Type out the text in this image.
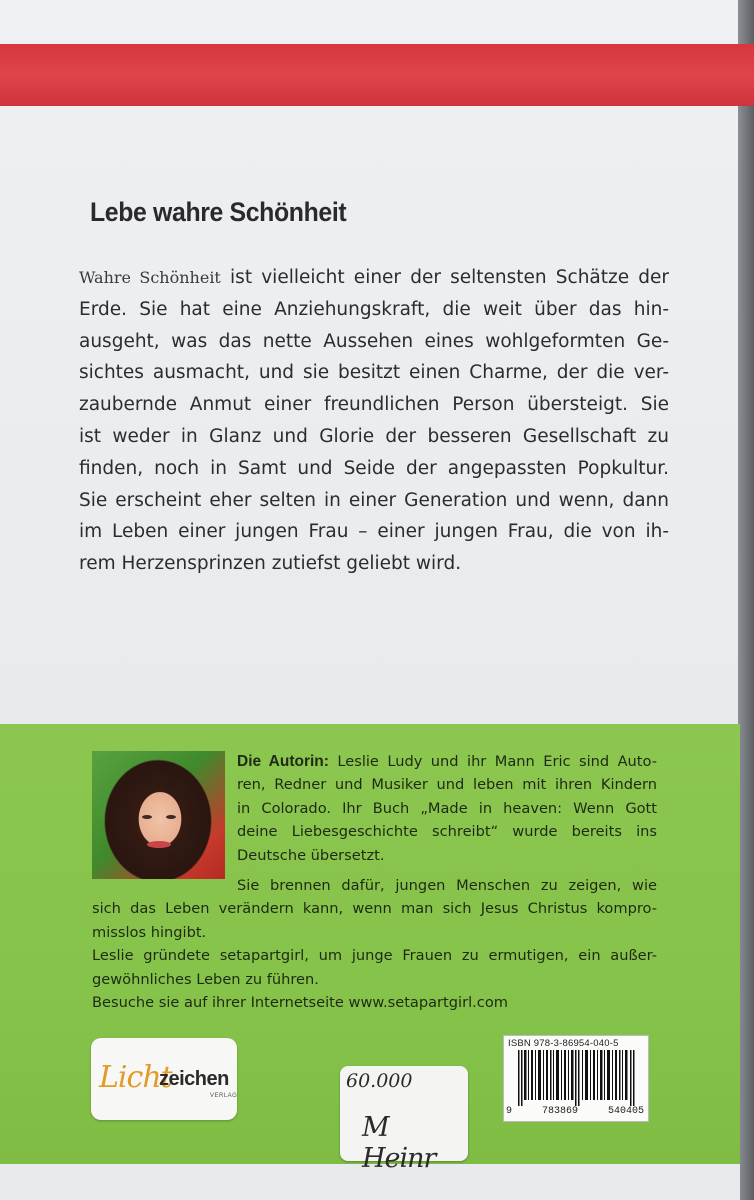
Lebe wahre Schönheit
Wahre Schönheit ist vielleicht einer der seltensten Schätze der
Erde. Sie hat eine Anziehungskraft, die weit über das hin-
ausgeht, was das nette Aussehen eines wohlgeformten Ge-
sichtes ausmacht, und sie besitzt einen Charme, der die ver-
zaubernde Anmut einer freundlichen Person übersteigt. Sie
ist weder in Glanz und Glorie der besseren Gesellschaft zu
finden, noch in Samt und Seide der angepassten Popkultur.
Sie erscheint eher selten in einer Generation und wenn, dann
im Leben einer jungen Frau – einer jungen Frau, die von ih-
rem Herzensprinzen zutiefst geliebt wird.
Die Autorin: Leslie Ludy und ihr Mann Eric sind Auto-
ren, Redner und Musiker und leben mit ihren Kindern
in Colorado. Ihr Buch „Made in heaven: Wenn Gott
deine Liebesgeschichte schreibt“ wurde bereits ins
Deutsche übersetzt.
Sie brennen dafür, jungen Menschen zu zeigen, wie
sich das Leben verändern kann, wenn man sich Jesus Christus kompro-
misslos hingibt.
Leslie gründete setapartgirl, um junge Frauen zu ermutigen, ein außer-
gewöhnliches Leben zu führen.
Besuche sie auf ihrer Internetseite www.setapartgirl.com
Licht
zeichen
VERLAG
60.000
M Heinr
ISBN 978-3-86954-040-5
9	783869	540405
